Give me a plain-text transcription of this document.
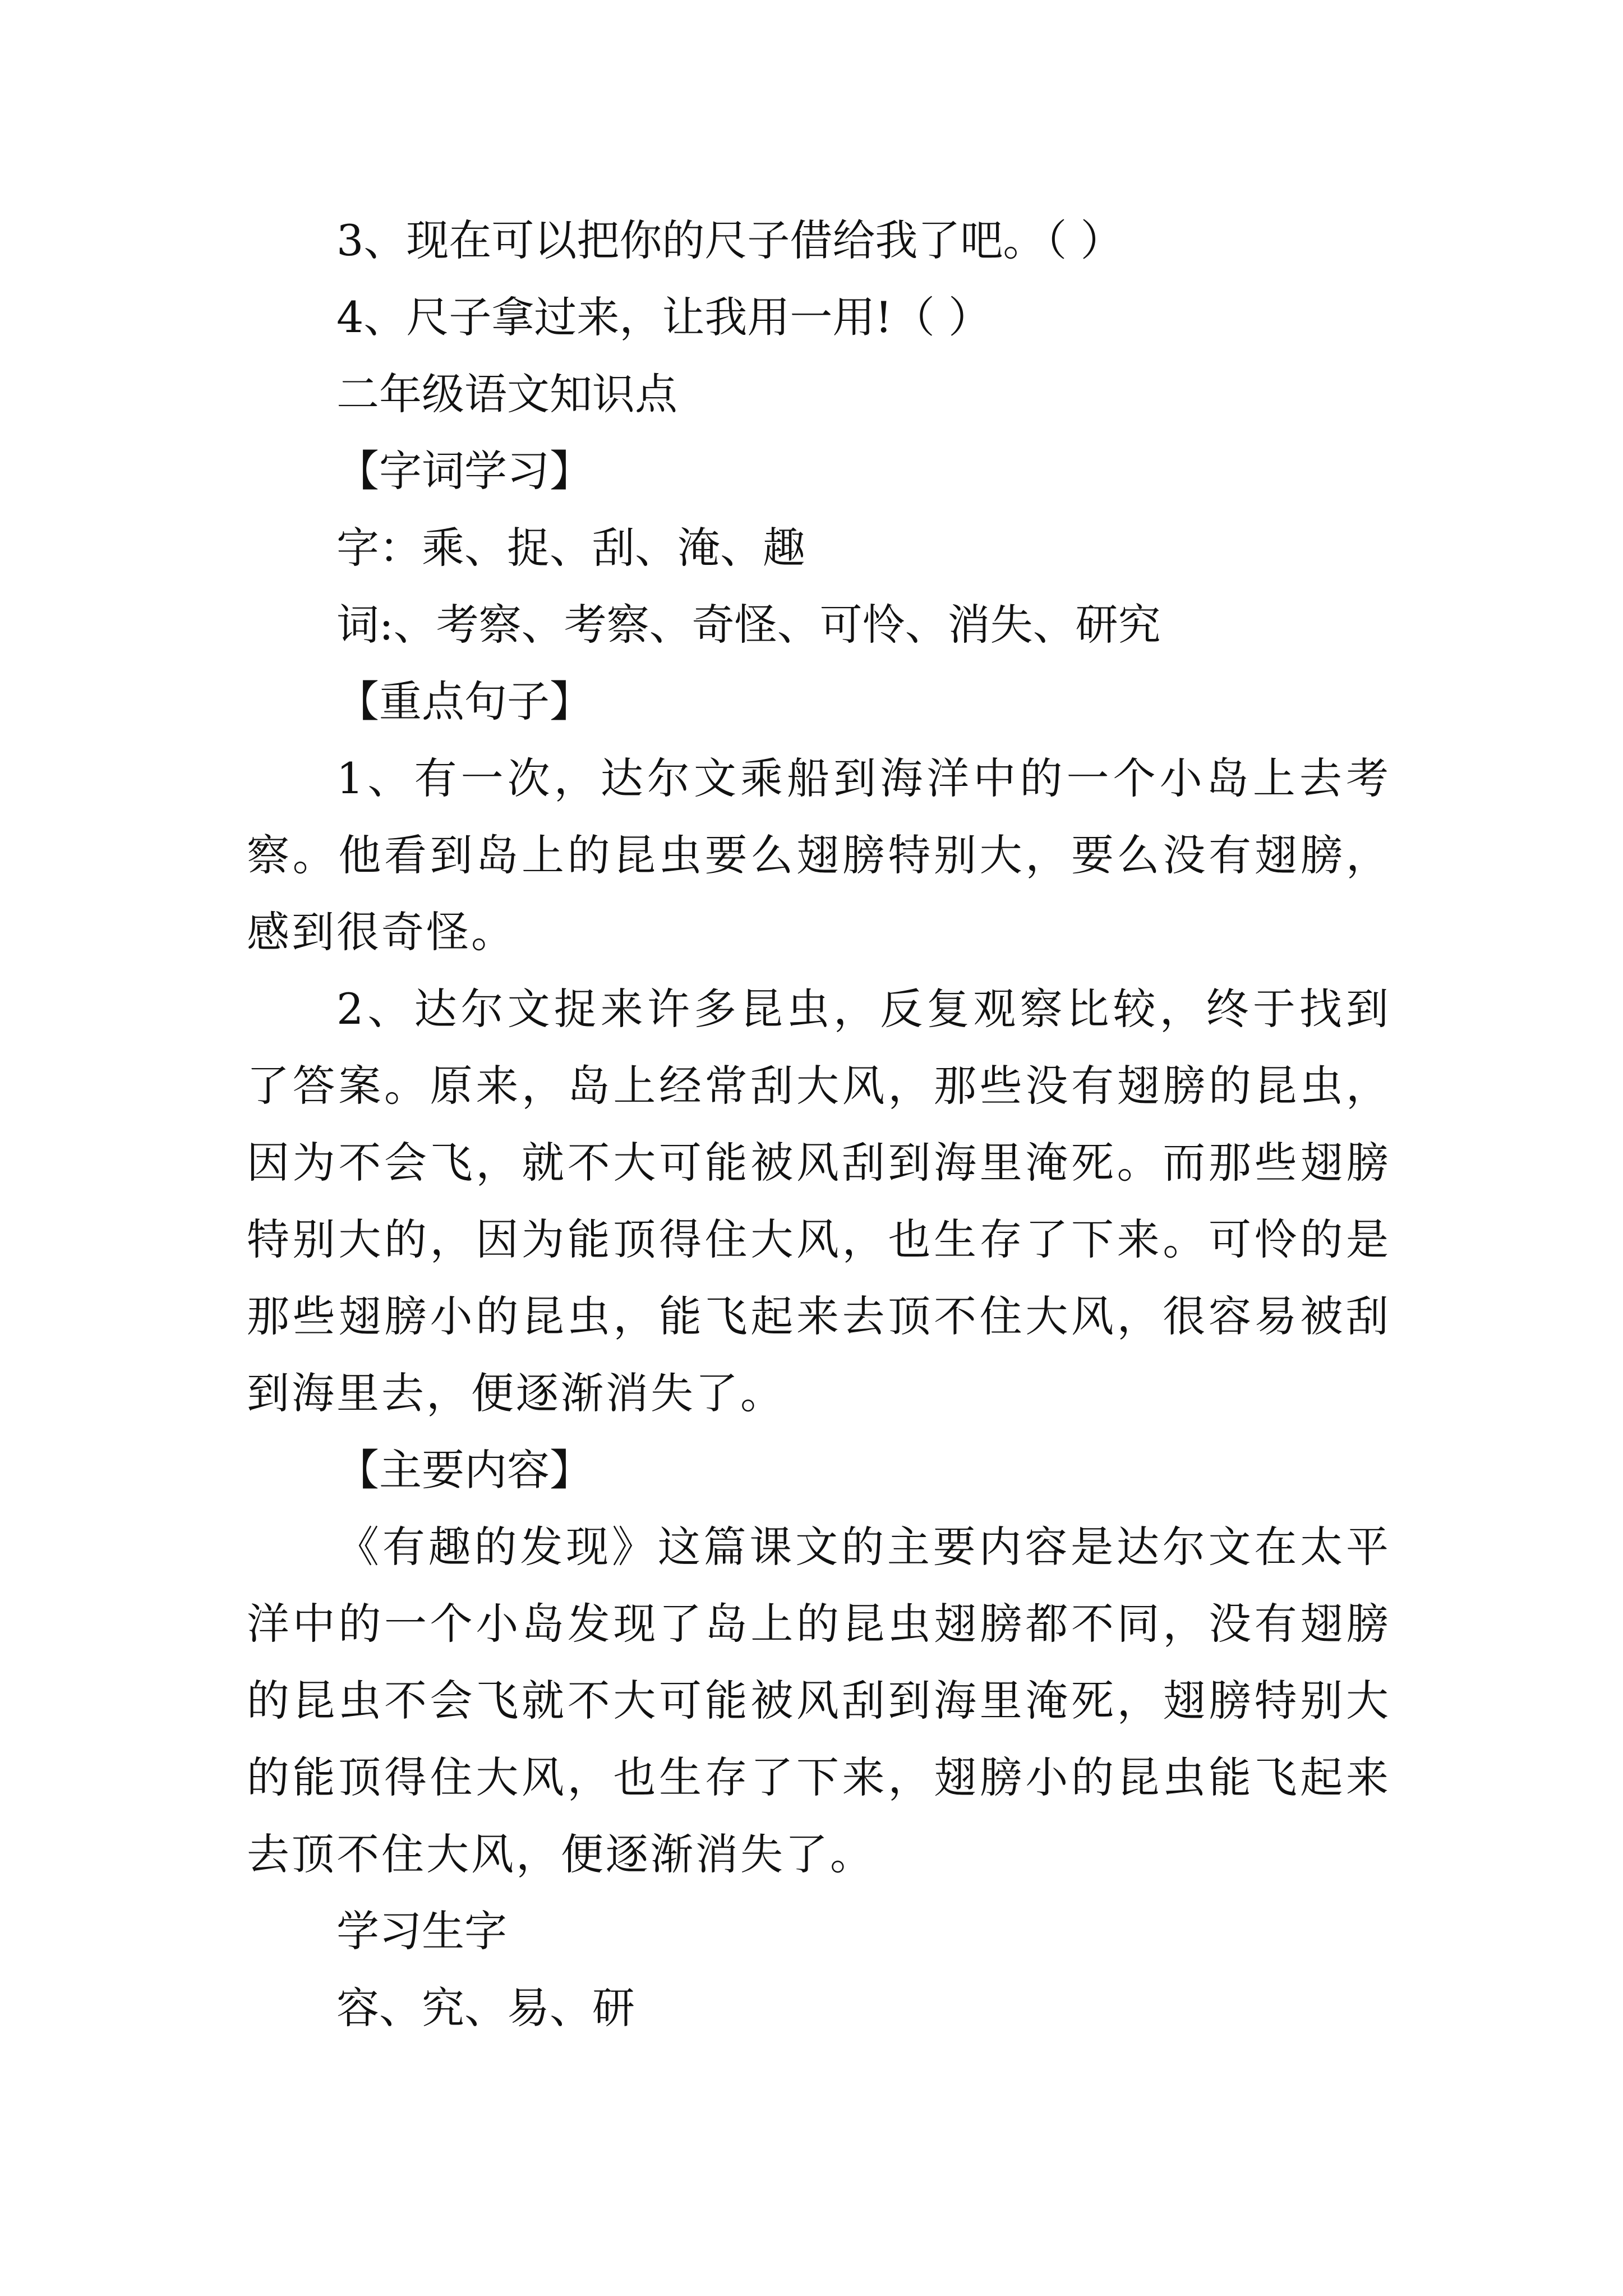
3、现在可以把你的尺子借给我了吧。（ ）
4、尺子拿过来，让我用一用!（ ）
二年级语文知识点
【字词学习】
字：乘、捉、刮、淹、趣
词:、考察、考察、奇怪、可怜、消失、研究
【重点句子】
1、有一次，达尔文乘船到海洋中的一个小岛上去考察。他看到岛上的昆虫要么翅膀特别大，要么没有翅膀，感到很奇怪。
2、达尔文捉来许多昆虫，反复观察比较，终于找到了答案。原来，岛上经常刮大风，那些没有翅膀的昆虫，因为不会飞，就不大可能被风刮到海里淹死。而那些翅膀特别大的，因为能顶得住大风，也生存了下来。可怜的是那些翅膀小的昆虫，能飞起来去顶不住大风，很容易被刮到海里去，便逐渐消失了。
【主要内容】
《有趣的发现》这篇课文的主要内容是达尔文在太平洋中的一个小岛发现了岛上的昆虫翅膀都不同，没有翅膀的昆虫不会飞就不大可能被风刮到海里淹死，翅膀特别大的能顶得住大风，也生存了下来，翅膀小的昆虫能飞起来去顶不住大风，便逐渐消失了。
学习生字
容、究、易、研
